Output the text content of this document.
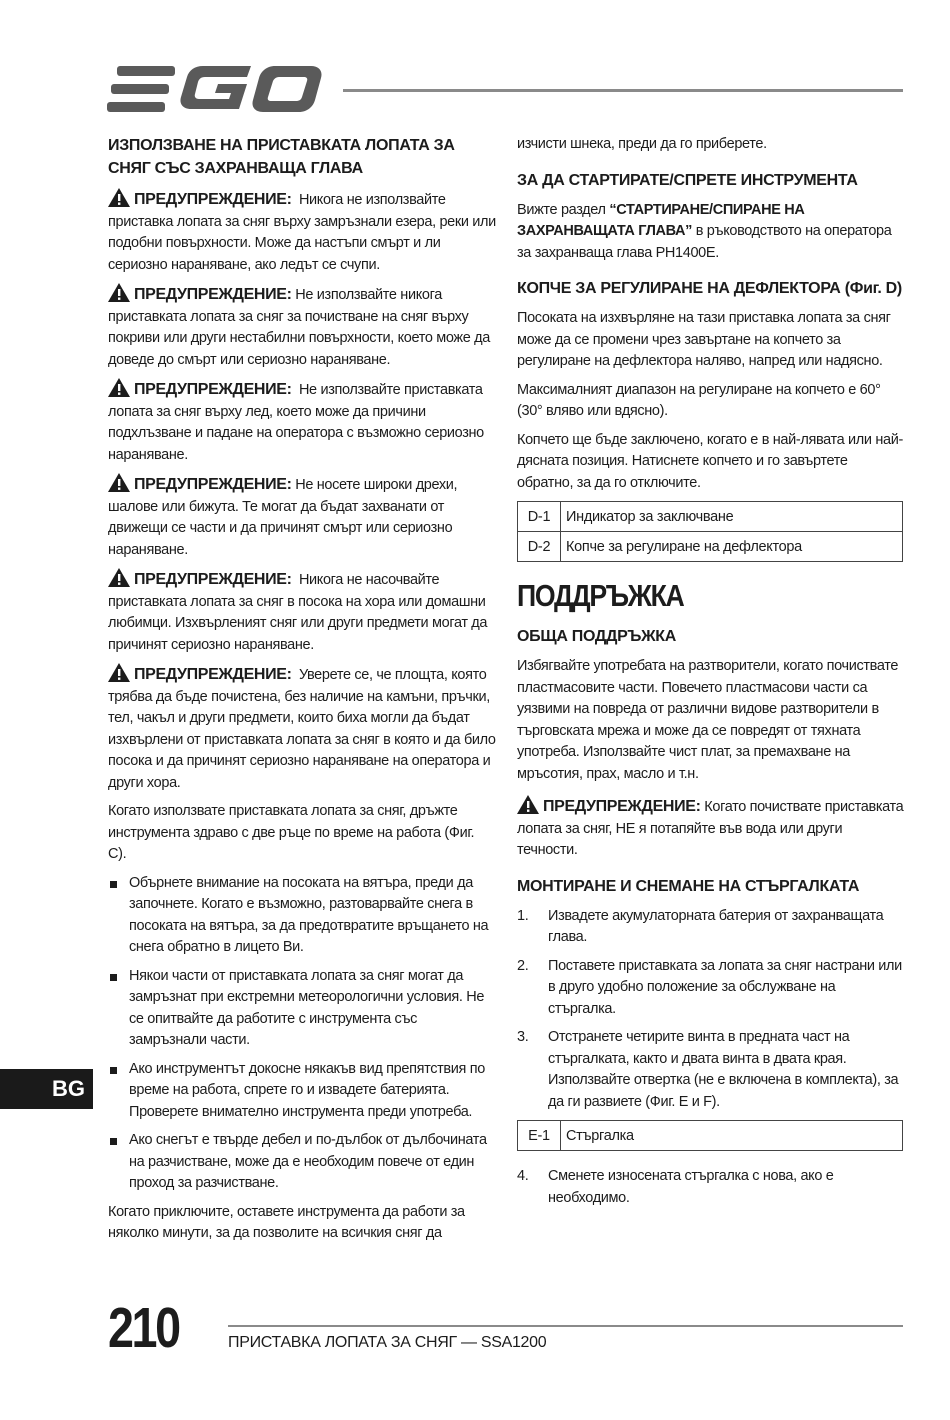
ИЗПОЛЗВАНЕ НА ПРИСТАВКАТА ЛОПАТА ЗА СНЯГ СЪС ЗАХРАНВАЩА ГЛАВА

ПРЕДУПРЕЖДЕНИЕ: Никога не използвайте приставка лопата за сняг върху замръзнали езера, реки или подобни повърхности. Може да настъпи смърт и ли сериозно нараняване, ако ледът се счупи.

ПРЕДУПРЕЖДЕНИЕ: Не използвайте никога приставката лопата за сняг за почистване на сняг върху покриви или други нестабилни повърхности, което може да доведе до смърт или сериозно нараняване.

ПРЕДУПРЕЖДЕНИЕ: Не използвайте приставката лопата за сняг върху лед, което може да причини подхлъзване и падане на оператора с възможно сериозно нараняване.

ПРЕДУПРЕЖДЕНИЕ: Не носете широки дрехи, шалове или бижута. Те могат да бъдат захванати от движещи се части и да причинят смърт или сериозно нараняване.

ПРЕДУПРЕЖДЕНИЕ: Никога не насочвайте приставката лопата за сняг в посока на хора или домашни любимци. Изхвърленият сняг или други предмети могат да причинят сериозно нараняване.

ПРЕДУПРЕЖДЕНИЕ: Уверете се, че площта, която трябва да бъде почистена, без наличие на камъни, пръчки, тел, чакъл и други предмети, които биха могли да бъдат изхвърлени от приставката лопата за сняг в която и да било посока и да причинят сериозно нараняване на оператора и други хора.

Когато използвате приставката лопата за сняг, дръжте инструмента здраво с две ръце по време на работа (Фиг. C).

Обърнете внимание на посоката на вятъра, преди да започнете. Когато е възможно, разтоварвайте снега в посоката на вятъра, за да предотвратите връщането на снега обратно в лицето Ви.
Някои части от приставката лопата за сняг могат да замръзнат при екстремни метеорологични условия. Не се опитвайте да работите с инструмента със замръзнали части.
Ако инструментът докосне някакъв вид препятствия по време на работа, спрете го и извадете батерията. Проверете внимателно инструмента преди употреба.
Ако снегът е твърде дебел и по-дълбок от дълбочината на разчистване, може да е необходим повече от един проход за разчистване.

Когато приключите, оставете инструмента да работи за няколко минути, за да позволите на всичкия сняг да

изчисти шнека, преди да го приберете.

ЗА ДА СТАРТИРАТЕ/СПРЕТЕ ИНСТРУМЕНТА

Вижте раздел “СТАРТИРАНЕ/СПИРАНЕ НА ЗАХРАНВАЩАТА ГЛАВА” в ръководството на оператора за захранваща глава PH1400E.

КОПЧЕ ЗА РЕГУЛИРАНЕ НА ДЕФЛЕКТОРА (Фиг. D)

Посоката на изхвърляне на тази приставка лопата за сняг може да се промени чрез завъртане на копчето за регулиране на дефлектора наляво, напред или надясно.

Максималният диапазон на регулиране на копчето е 60° (30° вляво или вдясно).

Копчето ще бъде заключено, когато е в най-лявата или най-дясната позиция. Натиснете копчето и го завъртете обратно, за да го отключите.

D-1	Индикатор за заключване
D-2	Копче за регулиране на дефлектора
ПОДДРЪЖКА
ОБЩА ПОДДРЪЖКА

Избягвайте употребата на разтворители, когато почиствате пластмасовите части. Повечето пластмасови части са уязвими на повреда от различни видове разтворители в търговската мрежа и може да се повредят от тяхната употреба. Използвайте чист плат, за премахване на мръсотия, прах, масло и т.н.

ПРЕДУПРЕЖДЕНИЕ: Когато почиствате приставката лопата за сняг, НЕ я потапяйте във вода или други течности.

МОНТИРАНЕ И СНЕМАНЕ НА СТЪРГАЛКАТА
1. Извадете акумулаторната батерия от захранващата глава.
2. Поставете приставката за лопата за сняг настрани или в друго удобно положение за обслужване на стъргалка.
3. Отстранете четирите винта в предната част на стъргалката, както и двата винта в двата края. Използвайте отвертка (не е включена в комплекта), за да ги развиете (Фиг. E и F).
E-1	Стъргалка
4. Сменете износената стъргалка с нова, ако е необходимо.
BG
210	ПРИСТАВКА ЛОПАТА ЗА СНЯГ — SSA1200
